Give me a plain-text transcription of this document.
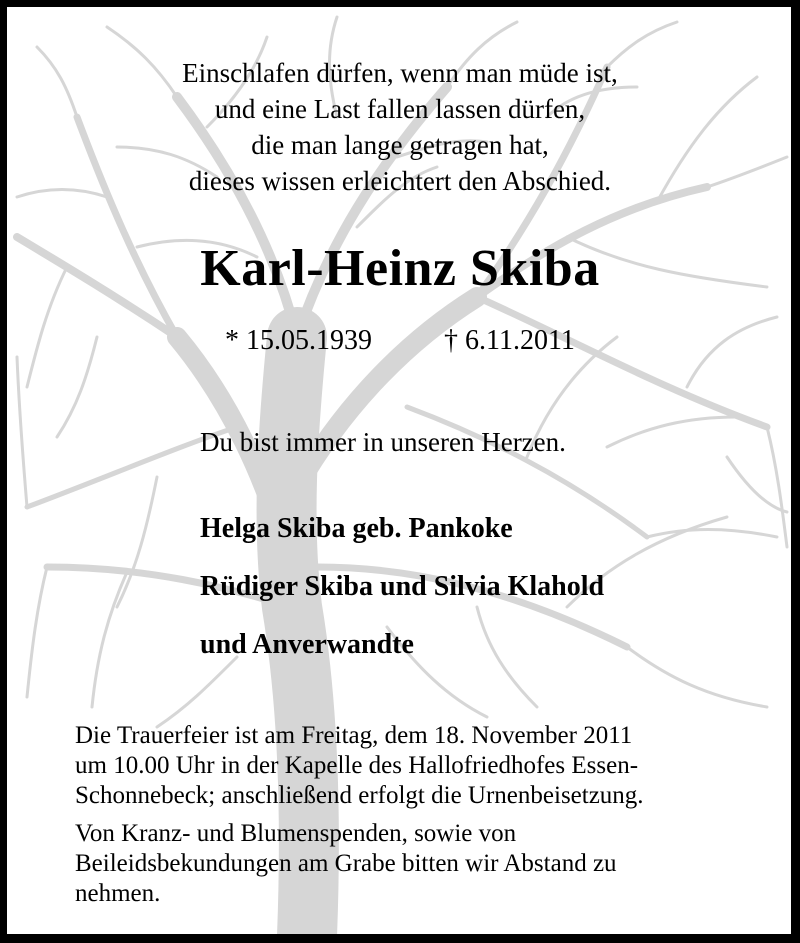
Einschlafen dürfen, wenn man müde ist,
und eine Last fallen lassen dürfen,
die man lange getragen hat,
dieses wissen erleichtert den Abschied.
Karl-Heinz Skiba
* 15.05.1939	† 6.11.2011
Du bist immer in unseren Herzen.
Helga Skiba geb. Pankoke
Rüdiger Skiba und Silvia Klahold
und Anverwandte

Die Trauerfeier ist am Freitag, dem 18. November 2011
um 10.00 Uhr in der Kapelle des Hallofriedhofes Essen-
Schonnebeck; anschließend erfolgt die Urnenbeisetzung.

Von Kranz- und Blumenspenden, sowie von
Beileidsbekundungen am Grabe bitten wir Abstand zu
nehmen.
